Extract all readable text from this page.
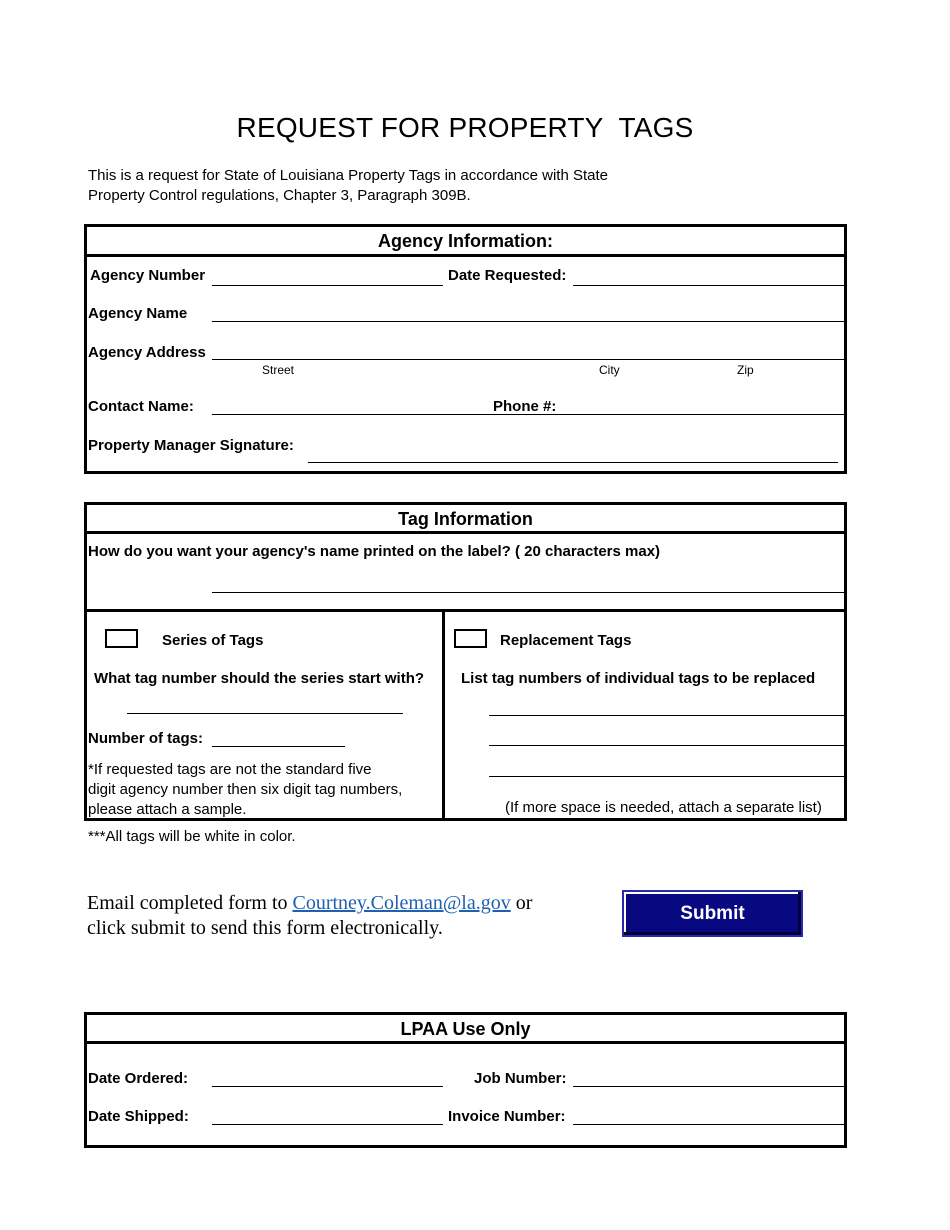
REQUEST FOR PROPERTY  TAGS
This is a request for State of Louisiana Property Tags in accordance with State
Property Control regulations, Chapter 3, Paragraph 309B.
Agency Information:
Agency Number	Date Requested:
Agency Name
Agency Address
Street	City	Zip
Contact Name:	Phone #:
Property Manager Signature:
Tag Information
How do you want your agency's name printed on the label? ( 20 characters max)
Series of Tags
What tag number should the series start with?
Number of tags:
*If requested tags are not the standard five
digit agency number then six digit tag numbers,
please attach a sample.
Replacement Tags
List tag numbers of individual tags to be replaced
(If more space is needed, attach a separate list)
***All tags will be white in color.
Email completed form to Courtney.Coleman@la.gov or
click submit to send this form electronically.
Submit
LPAA Use Only
Date Ordered:	Job Number:
Date Shipped:	Invoice Number:
